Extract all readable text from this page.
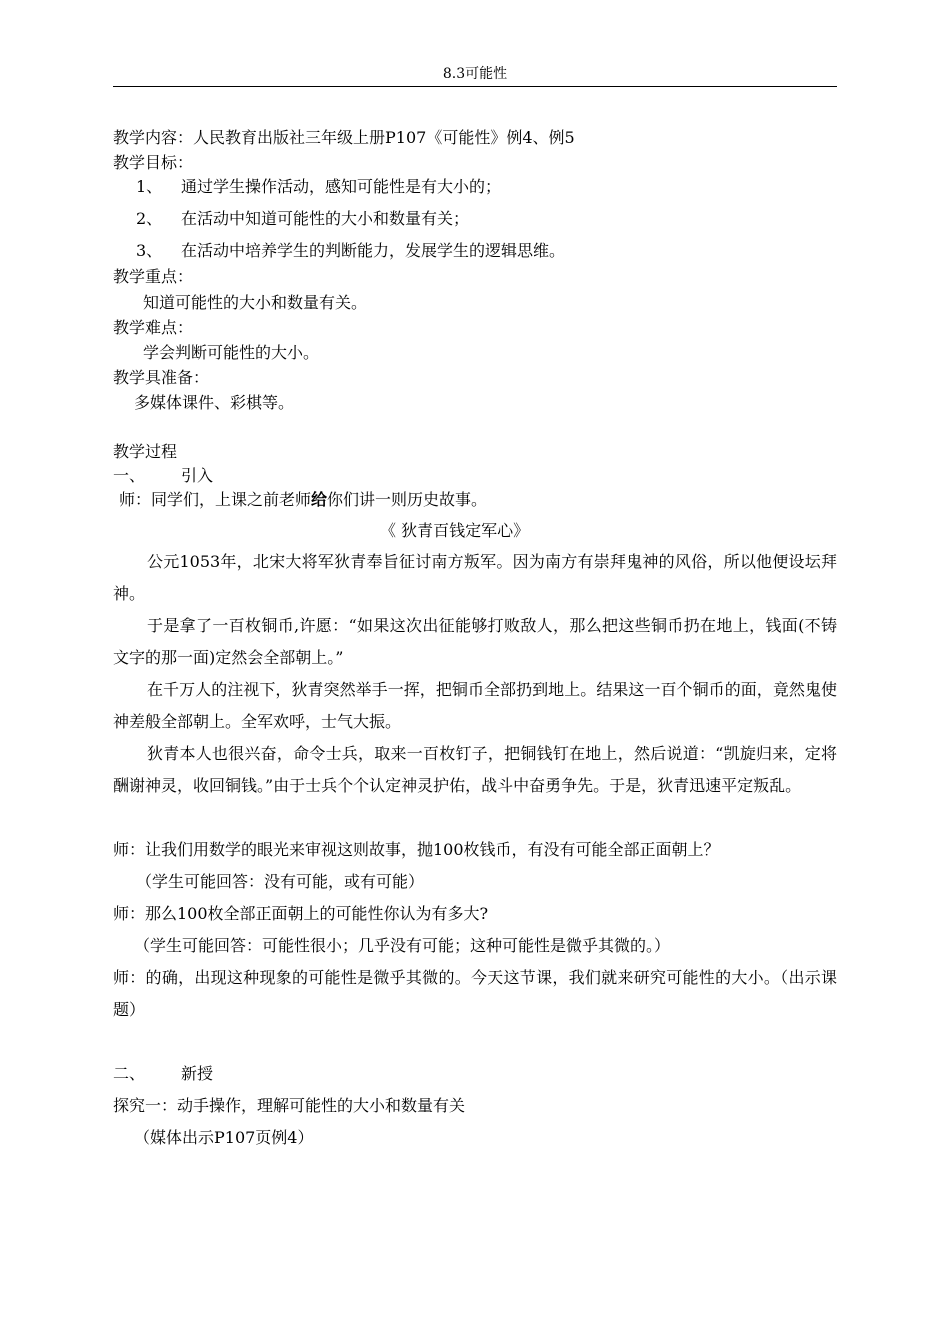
8.3可能性
教学内容：人民教育出版社三年级上册P107《可能性》例4、例5
教学目标：
1、 通过学生操作活动，感知可能性是有大小的；
2、 在活动中知道可能性的大小和数量有关；
3、 在活动中培养学生的判断能力，发展学生的逻辑思维。
教学重点：
知道可能性的大小和数量有关。
教学难点：
学会判断可能性的大小。
教学具准备：
多媒体课件、彩棋等。
教学过程
一、 引入
师：同学们，上课之前老师给你们讲一则历史故事。
《 狄青百钱定军心》
公元1053年，北宋大将军狄青奉旨征讨南方叛军。因为南方有崇拜鬼神的风俗，所以他便设坛拜神。
于是拿了一百枚铜币,许愿：“如果这次出征能够打败敌人，那么把这些铜币扔在地上，钱面(不铸文字的那一面)定然会全部朝上。”
在千万人的注视下，狄青突然举手一挥，把铜币全部扔到地上。结果这一百个铜币的面，竟然鬼使神差般全部朝上。全军欢呼，士气大振。
狄青本人也很兴奋，命令士兵，取来一百枚钉子，把铜钱钉在地上，然后说道：“凯旋归来，定将酬谢神灵，收回铜钱。”由于士兵个个认定神灵护佑，战斗中奋勇争先。于是，狄青迅速平定叛乱。
师：让我们用数学的眼光来审视这则故事，抛100枚钱币，有没有可能全部正面朝上？
（学生可能回答：没有可能，或有可能）
师：那么100枚全部正面朝上的可能性你认为有多大?
（学生可能回答：可能性很小；几乎没有可能；这种可能性是微乎其微的。）
师：的确，出现这种现象的可能性是微乎其微的。今天这节课，我们就来研究可能性的大小。（出示课题）
二、 新授
探究一：动手操作，理解可能性的大小和数量有关
（媒体出示P107页例4）
